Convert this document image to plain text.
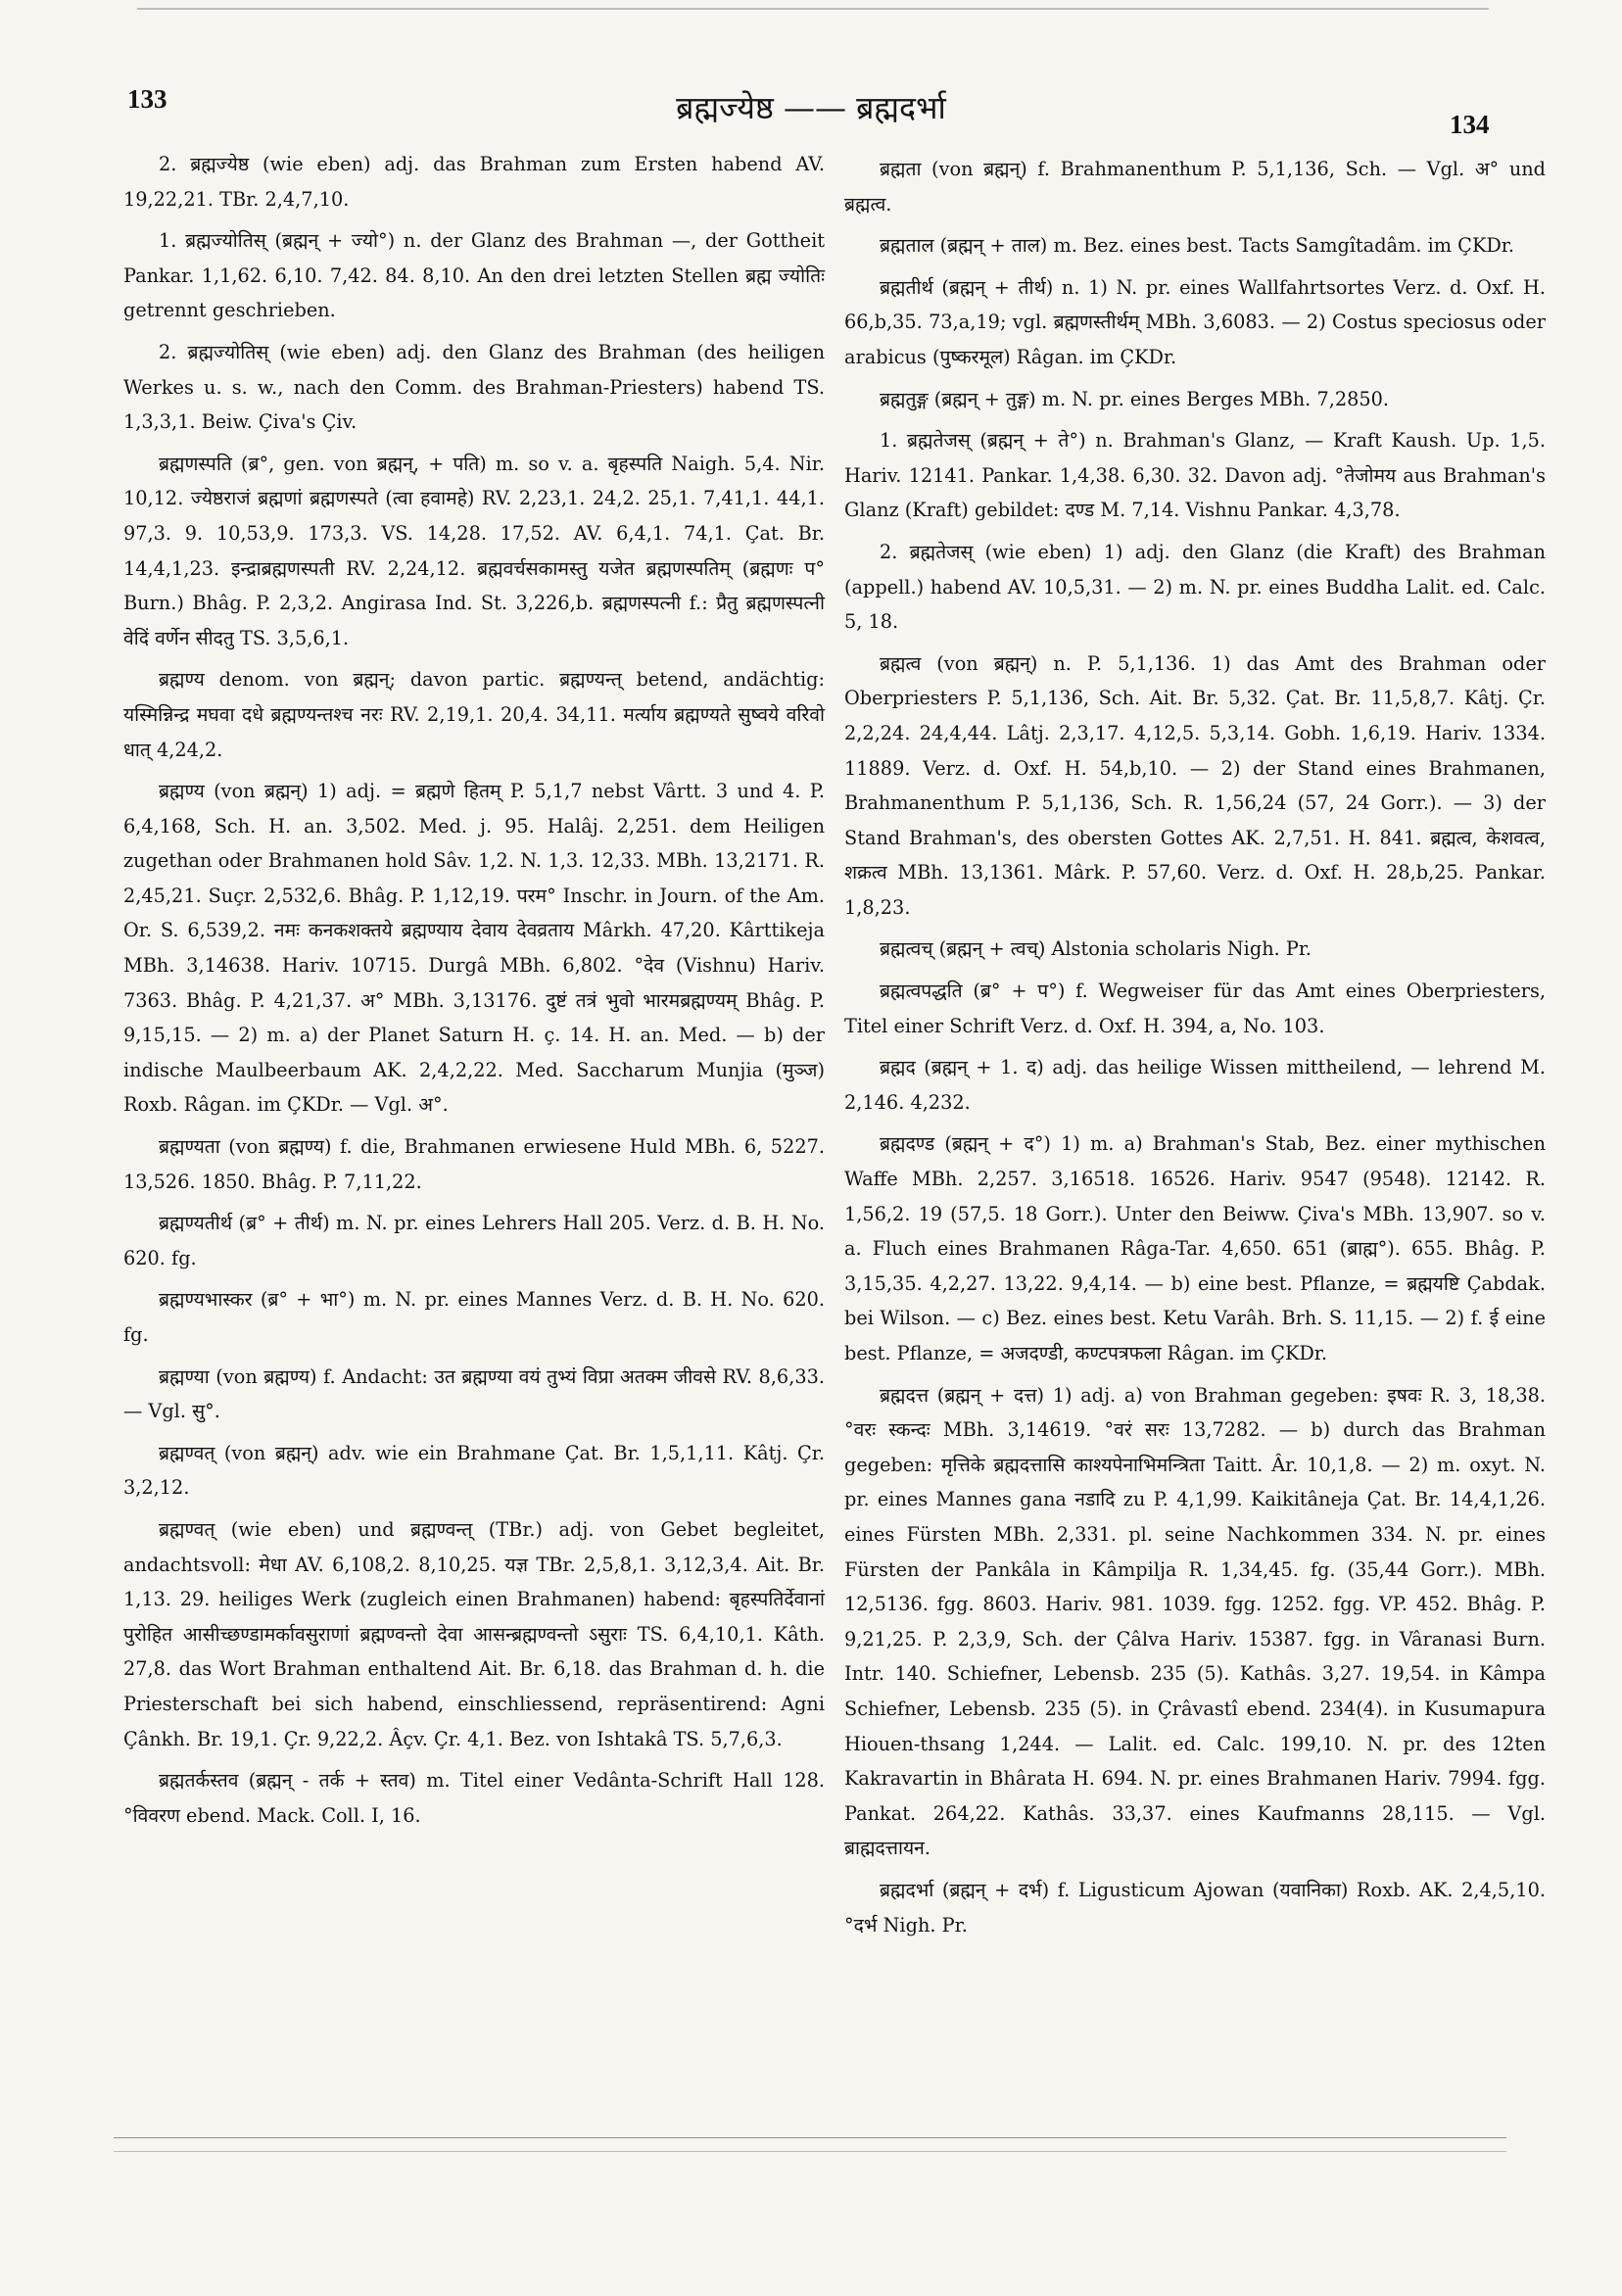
133	ब्रह्मज्येष्ठ —— ब्रह्मदर्भा	134

2. ब्रह्मज्येष्ठ (wie eben) adj. das Brahman zum Ersten habend AV. 19,22,21. TBr. 2,4,7,10.

1. ब्रह्मज्योतिस् (ब्रह्मन् + ज्यो°) n. der Glanz des Brahman —, der Gottheit Pankar. 1,1,62. 6,10. 7,42. 84. 8,10. An den drei letzten Stellen ब्रह्म ज्योतिः getrennt geschrieben.

2. ब्रह्मज्योतिस् (wie eben) adj. den Glanz des Brahman (des heiligen Werkes u. s. w., nach den Comm. des Brahman-Priesters) habend TS. 1,3,3,1. Beiw. Çiva's Çiv.

ब्रह्मणस्पति (ब्र°, gen. von ब्रह्मन्, + पति) m. so v. a. बृहस्पति Naigh. 5,4. Nir. 10,12. ज्येष्ठराजं ब्रह्मणां ब्रह्मणस्पते (त्वा हवामहे) RV. 2,23,1. 24,2. 25,1. 7,41,1. 44,1. 97,3. 9. 10,53,9. 173,3. VS. 14,28. 17,52. AV. 6,4,1. 74,1. Çat. Br. 14,4,1,23. इन्द्राब्रह्मणस्पती RV. 2,24,12. ब्रह्मवर्चसकामस्तु यजेत ब्रह्मणस्पतिम् (ब्रह्मणः प° Burn.) Bhâg. P. 2,3,2. Angirasa Ind. St. 3,226,b. ब्रह्मणस्पत्नी f.: प्रैतु ब्रह्मणस्पत्नी वेदिं वर्णेन सीदतु TS. 3,5,6,1.

ब्रह्मण्य denom. von ब्रह्मन्; davon partic. ब्रह्मण्यन्त् betend, andächtig: यस्मिन्निन्द्र मघवा दधे ब्रह्मण्यन्तश्च नरः RV. 2,19,1. 20,4. 34,11. मर्त्याय ब्रह्मण्यते सुष्वये वरिवो धात् 4,24,2.

ब्रह्मण्य (von ब्रह्मन्) 1) adj. = ब्रह्मणे हितम् P. 5,1,7 nebst Vârtt. 3 und 4. P. 6,4,168, Sch. H. an. 3,502. Med. j. 95. Halâj. 2,251. dem Heiligen zugethan oder Brahmanen hold Sâv. 1,2. N. 1,3. 12,33. MBh. 13,2171. R. 2,45,21. Suçr. 2,532,6. Bhâg. P. 1,12,19. परम° Inschr. in Journ. of the Am. Or. S. 6,539,2. नमः कनकशक्तये ब्रह्मण्याय देवाय देवव्रताय Mârkh. 47,20. Kârttikeja MBh. 3,14638. Hariv. 10715. Durgâ MBh. 6,802. °देव (Vishnu) Hariv. 7363. Bhâg. P. 4,21,37. अ° MBh. 3,13176. दुष्टं तत्रं भुवो भारमब्रह्मण्यम् Bhâg. P. 9,15,15. — 2) m. a) der Planet Saturn H. ç. 14. H. an. Med. — b) der indische Maulbeerbaum AK. 2,4,2,22. Med. Saccharum Munjia (मुञ्ज) Roxb. Râgan. im ÇKDr. — Vgl. अ°.

ब्रह्मण्यता (von ब्रह्मण्य) f. die, Brahmanen erwiesene Huld MBh. 6, 5227. 13,526. 1850. Bhâg. P. 7,11,22.

ब्रह्मण्यतीर्थ (ब्र° + तीर्थ) m. N. pr. eines Lehrers Hall 205. Verz. d. B. H. No. 620. fg.

ब्रह्मण्यभास्कर (ब्र° + भा°) m. N. pr. eines Mannes Verz. d. B. H. No. 620. fg.

ब्रह्मण्या (von ब्रह्मण्य) f. Andacht: उत ब्रह्मण्या वयं तुभ्यं विप्रा अतक्म जीवसे RV. 8,6,33. — Vgl. सु°.

ब्रह्मण्वत् (von ब्रह्मन्) adv. wie ein Brahmane Çat. Br. 1,5,1,11. Kâtj. Çr. 3,2,12.

ब्रह्मण्वत् (wie eben) und ब्रह्मण्वन्त् (TBr.) adj. von Gebet begleitet, andachtsvoll: मेधा AV. 6,108,2. 8,10,25. यज्ञ TBr. 2,5,8,1. 3,12,3,4. Ait. Br. 1,13. 29. heiliges Werk (zugleich einen Brahmanen) habend: बृहस्पतिर्देवानां पुरोहित आसीच्छण्डामर्कावसुराणां ब्रह्मण्वन्तो देवा आसन्ब्रह्मण्वन्तो ऽसुराः TS. 6,4,10,1. Kâth. 27,8. das Wort Brahman enthaltend Ait. Br. 6,18. das Brahman d. h. die Priesterschaft bei sich habend, einschliessend, repräsentirend: Agni Çânkh. Br. 19,1. Çr. 9,22,2. Âçv. Çr. 4,1. Bez. von Ishtakâ TS. 5,7,6,3.

ब्रह्मतर्कस्तव (ब्रह्मन् - तर्क + स्तव) m. Titel einer Vedânta-Schrift Hall 128. °विवरण ebend. Mack. Coll. I, 16.

ब्रह्मता (von ब्रह्मन्) f. Brahmanenthum P. 5,1,136, Sch. — Vgl. अ° und ब्रह्मत्व.

ब्रह्मताल (ब्रह्मन् + ताल) m. Bez. eines best. Tacts Samgîtadâm. im ÇKDr.

ब्रह्मतीर्थ (ब्रह्मन् + तीर्थ) n. 1) N. pr. eines Wallfahrtsortes Verz. d. Oxf. H. 66,b,35. 73,a,19; vgl. ब्रह्मणस्तीर्थम् MBh. 3,6083. — 2) Costus speciosus oder arabicus (पुष्करमूल) Râgan. im ÇKDr.

ब्रह्मतुङ्ग (ब्रह्मन् + तुङ्ग) m. N. pr. eines Berges MBh. 7,2850.

1. ब्रह्मतेजस् (ब्रह्मन् + ते°) n. Brahman's Glanz, — Kraft Kaush. Up. 1,5. Hariv. 12141. Pankar. 1,4,38. 6,30. 32. Davon adj. °तेजोमय aus Brahman's Glanz (Kraft) gebildet: दण्ड M. 7,14. Vishnu Pankar. 4,3,78.

2. ब्रह्मतेजस् (wie eben) 1) adj. den Glanz (die Kraft) des Brahman (appell.) habend AV. 10,5,31. — 2) m. N. pr. eines Buddha Lalit. ed. Calc. 5, 18.

ब्रह्मत्व (von ब्रह्मन्) n. P. 5,1,136. 1) das Amt des Brahman oder Oberpriesters P. 5,1,136, Sch. Ait. Br. 5,32. Çat. Br. 11,5,8,7. Kâtj. Çr. 2,2,24. 24,4,44. Lâtj. 2,3,17. 4,12,5. 5,3,14. Gobh. 1,6,19. Hariv. 1334. 11889. Verz. d. Oxf. H. 54,b,10. — 2) der Stand eines Brahmanen, Brahmanenthum P. 5,1,136, Sch. R. 1,56,24 (57, 24 Gorr.). — 3) der Stand Brahman's, des obersten Gottes AK. 2,7,51. H. 841. ब्रह्मत्व, केशवत्व, शक्रत्व MBh. 13,1361. Mârk. P. 57,60. Verz. d. Oxf. H. 28,b,25. Pankar. 1,8,23.

ब्रह्मत्वच् (ब्रह्मन् + त्वच्) Alstonia scholaris Nigh. Pr.

ब्रह्मत्वपद्धति (ब्र° + प°) f. Wegweiser für das Amt eines Oberpriesters, Titel einer Schrift Verz. d. Oxf. H. 394, a, No. 103.

ब्रह्मद (ब्रह्मन् + 1. द) adj. das heilige Wissen mittheilend, — lehrend M. 2,146. 4,232.

ब्रह्मदण्ड (ब्रह्मन् + द°) 1) m. a) Brahman's Stab, Bez. einer mythischen Waffe MBh. 2,257. 3,16518. 16526. Hariv. 9547 (9548). 12142. R. 1,56,2. 19 (57,5. 18 Gorr.). Unter den Beiww. Çiva's MBh. 13,907. so v. a. Fluch eines Brahmanen Râga-Tar. 4,650. 651 (ब्राह्म°). 655. Bhâg. P. 3,15,35. 4,2,27. 13,22. 9,4,14. — b) eine best. Pflanze, = ब्रह्मयष्टि Çabdak. bei Wilson. — c) Bez. eines best. Ketu Varâh. Brh. S. 11,15. — 2) f. ई eine best. Pflanze, = अजदण्डी, कण्टपत्रफला Râgan. im ÇKDr.

ब्रह्मदत्त (ब्रह्मन् + दत्त) 1) adj. a) von Brahman gegeben: इषवः R. 3, 18,38. °वरः स्कन्दः MBh. 3,14619. °वरं सरः 13,7282. — b) durch das Brahman gegeben: मृत्तिके ब्रह्मदत्तासि काश्यपेनाभिमन्त्रिता Taitt. Âr. 10,1,8. — 2) m. oxyt. N. pr. eines Mannes gana नडादि zu P. 4,1,99. Kaikitâneja Çat. Br. 14,4,1,26. eines Fürsten MBh. 2,331. pl. seine Nachkommen 334. N. pr. eines Fürsten der Pankâla in Kâmpilja R. 1,34,45. fg. (35,44 Gorr.). MBh. 12,5136. fgg. 8603. Hariv. 981. 1039. fgg. 1252. fgg. VP. 452. Bhâg. P. 9,21,25. P. 2,3,9, Sch. der Çâlva Hariv. 15387. fgg. in Vâranasi Burn. Intr. 140. Schiefner, Lebensb. 235 (5). Kathâs. 3,27. 19,54. in Kâmpa Schiefner, Lebensb. 235 (5). in Çrâvastî ebend. 234(4). in Kusumapura Hiouen-thsang 1,244. — Lalit. ed. Calc. 199,10. N. pr. des 12ten Kakravartin in Bhârata H. 694. N. pr. eines Brahmanen Hariv. 7994. fgg. Pankat. 264,22. Kathâs. 33,37. eines Kaufmanns 28,115. — Vgl. ब्राह्मदत्तायन.

ब्रह्मदर्भा (ब्रह्मन् + दर्भ) f. Ligusticum Ajowan (यवानिका) Roxb. AK. 2,4,5,10. °दर्भ Nigh. Pr.
